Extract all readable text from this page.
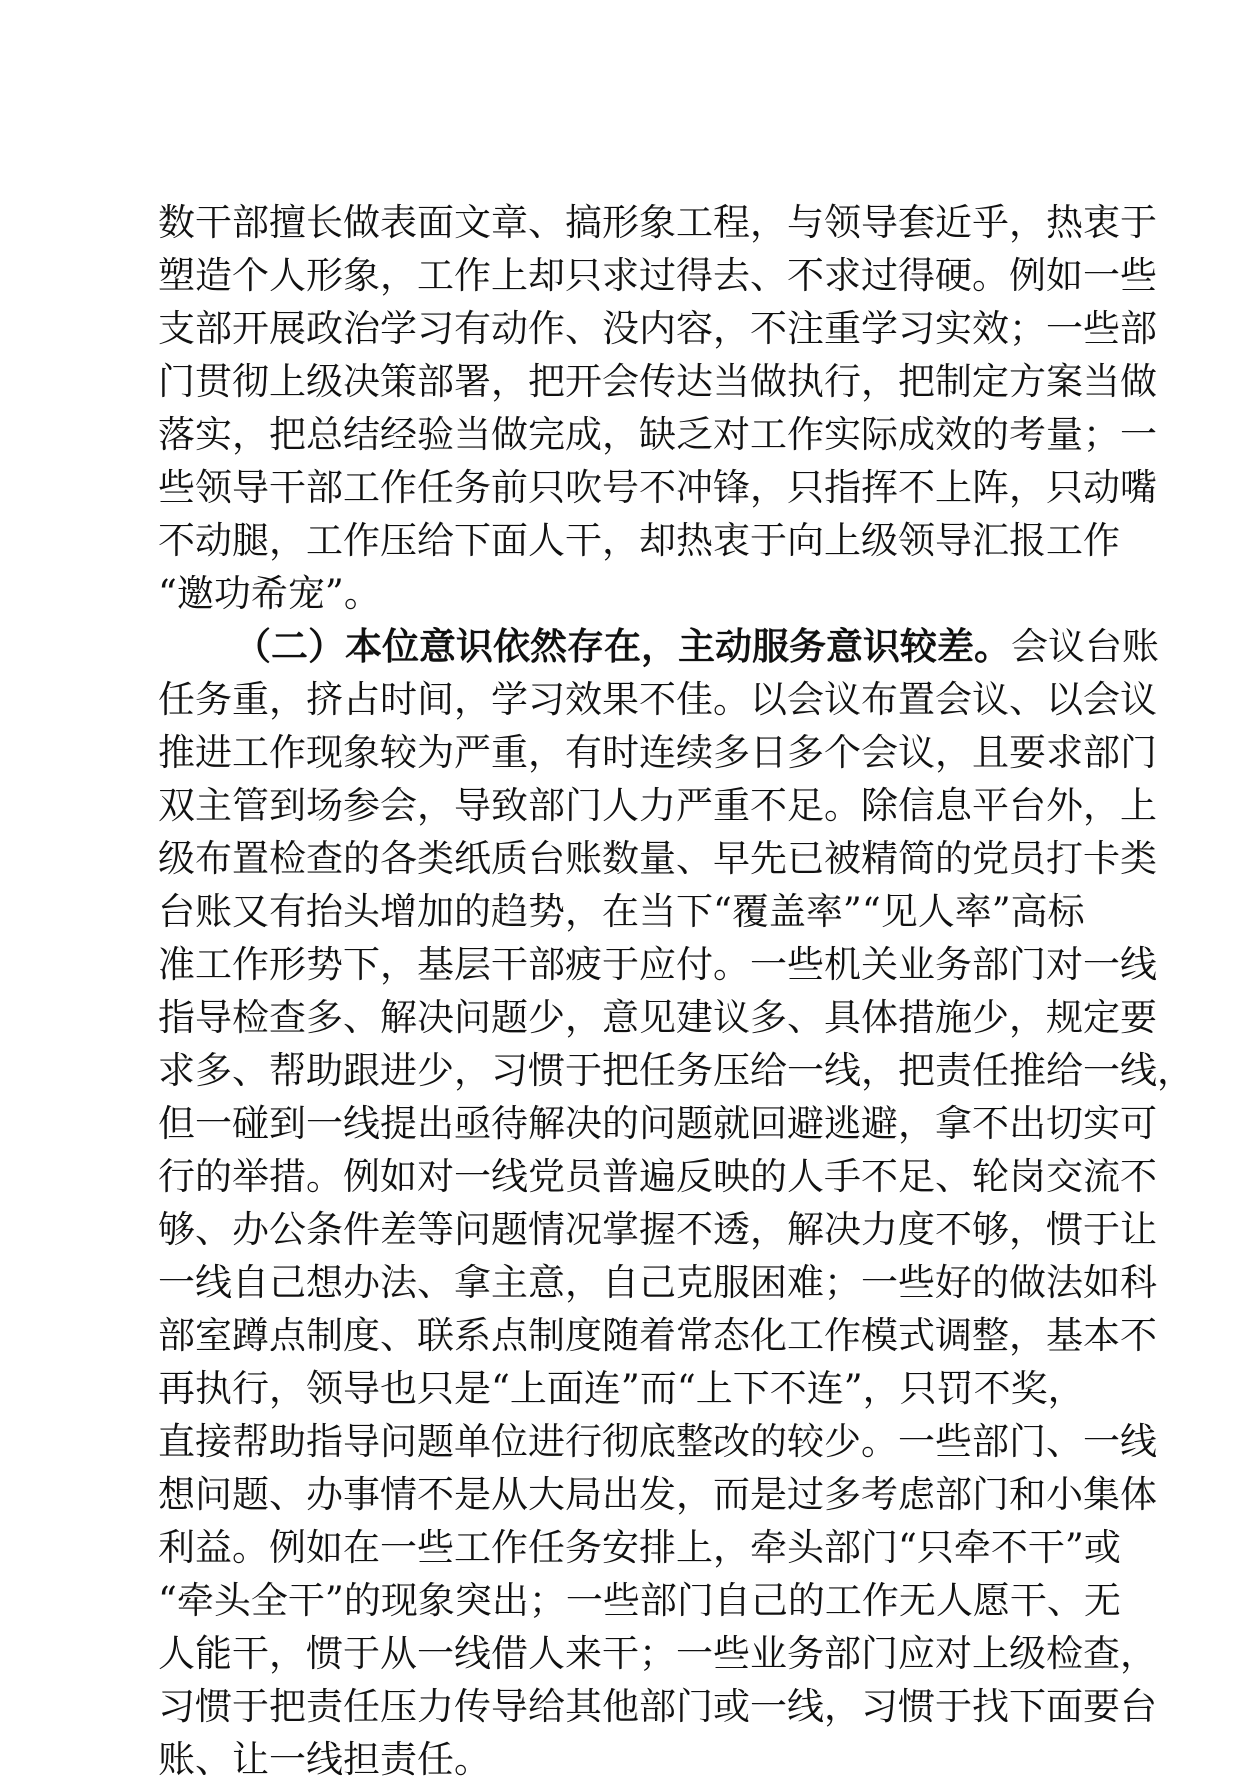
数干部擅长做表面文章、搞形象工程，与领导套近乎，热衷于
塑造个人形象，工作上却只求过得去、不求过得硬。例如一些
支部开展政治学习有动作、没内容，不注重学习实效；一些部
门贯彻上级决策部署，把开会传达当做执行，把制定方案当做
落实，把总结经验当做完成，缺乏对工作实际成效的考量；一
些领导干部工作任务前只吹号不冲锋，只指挥不上阵，只动嘴
不动腿，工作压给下面人干，却热衷于向上级领导汇报工作
“邀功希宠”。
（二）本位意识依然存在，主动服务意识较差。会议台账
任务重，挤占时间，学习效果不佳。以会议布置会议、以会议
推进工作现象较为严重，有时连续多日多个会议，且要求部门
双主管到场参会，导致部门人力严重不足。除信息平台外，上
级布置检查的各类纸质台账数量、早先已被精简的党员打卡类
台账又有抬头增加的趋势，在当下“覆盖率”“见人率”高标
准工作形势下，基层干部疲于应付。一些机关业务部门对一线
指导检查多、解决问题少，意见建议多、具体措施少，规定要
求多、帮助跟进少，习惯于把任务压给一线，把责任推给一线，
但一碰到一线提出亟待解决的问题就回避逃避，拿不出切实可
行的举措。例如对一线党员普遍反映的人手不足、轮岗交流不
够、办公条件差等问题情况掌握不透，解决力度不够，惯于让
一线自己想办法、拿主意，自己克服困难；一些好的做法如科
部室蹲点制度、联系点制度随着常态化工作模式调整，基本不
再执行，领导也只是“上面连”而“上下不连”，只罚不奖，
直接帮助指导问题单位进行彻底整改的较少。一些部门、一线
想问题、办事情不是从大局出发，而是过多考虑部门和小集体
利益。例如在一些工作任务安排上，牵头部门“只牵不干”或
“牵头全干”的现象突出；一些部门自己的工作无人愿干、无
人能干，惯于从一线借人来干；一些业务部门应对上级检查，
习惯于把责任压力传导给其他部门或一线，习惯于找下面要台
账、让一线担责任。
